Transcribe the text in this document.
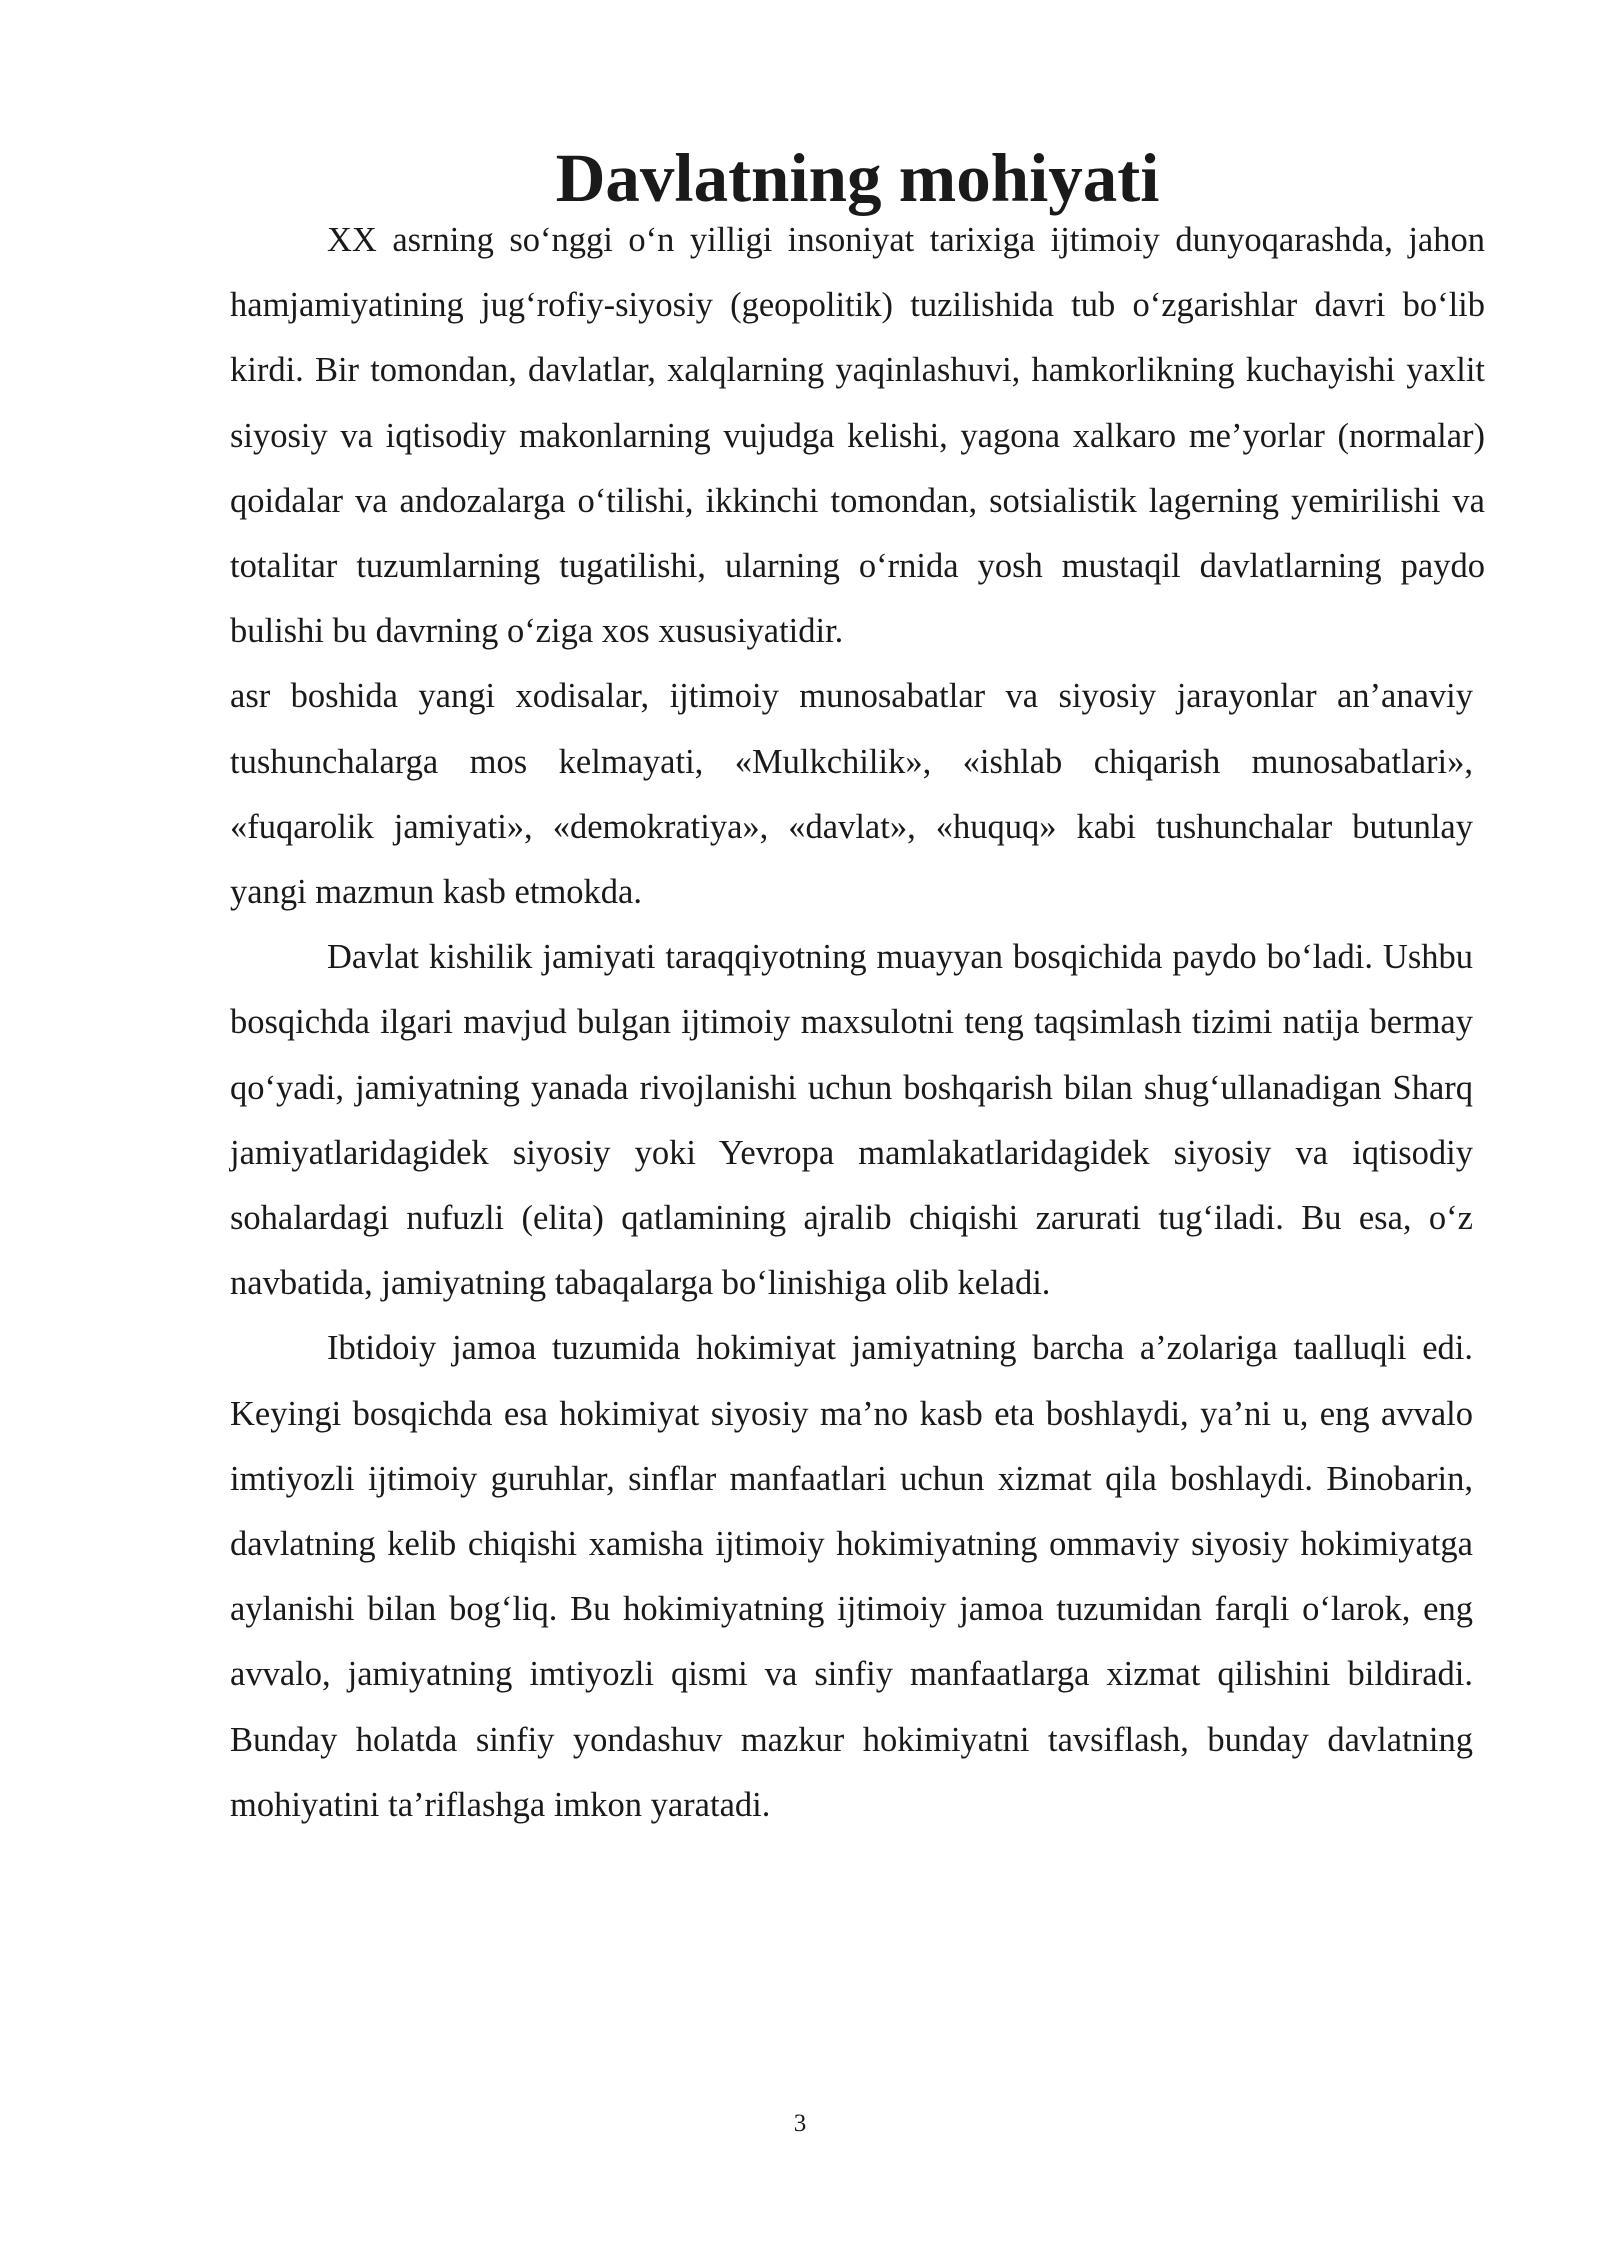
Davlatning mohiyati

XX asrning so‘nggi o‘n yilligi insoniyat tarixiga ijtimoiy dunyoqarashda, jahon hamjamiyatining jug‘rofiy-siyosiy (geopolitik) tuzilishida tub o‘zgarishlar davri bo‘lib kirdi. Bir tomondan, davlatlar, xalqlarning yaqinlashuvi, hamkorlikning kuchayishi yaxlit siyosiy va iqtisodiy makonlarning vujudga kelishi, yagona xalkaro me’yorlar (normalar) qoidalar va andozalarga o‘tilishi, ikkinchi tomondan, sotsialistik lagerning yemirilishi va totalitar tuzumlarning tugatilishi, ularning o‘rnida yosh mustaqil davlatlarning paydo bulishi bu davrning o‘ziga xos xususiyatidir.

asr boshida yangi xodisalar, ijtimoiy munosabatlar va siyosiy jarayonlar an’anaviy tushunchalarga mos kelmayati, «Mulkchilik», «ishlab chiqarish munosabatlari», «fuqarolik jamiyati», «demokratiya», «davlat», «huquq» kabi tushunchalar butunlay yangi mazmun kasb etmokda.

Davlat kishilik jamiyati taraqqiyotning muayyan bosqichida paydo bo‘ladi. Ushbu bosqichda ilgari mavjud bulgan ijtimoiy maxsulotni teng taqsimlash tizimi natija bermay qo‘yadi, jamiyatning yanada rivojlanishi uchun boshqarish bilan shug‘ullanadigan Sharq jamiyatlaridagidek siyosiy yoki Yevropa mamlakatlaridagidek siyosiy va iqtisodiy sohalardagi nufuzli (elita) qatlamining ajralib chiqishi zarurati tug‘iladi. Bu esa, o‘z navbatida, jamiyatning tabaqalarga bo‘linishiga olib keladi.

Ibtidoiy jamoa tuzumida hokimiyat jamiyatning barcha a’zolariga taalluqli edi. Keyingi bosqichda esa hokimiyat siyosiy ma’no kasb eta boshlaydi, ya’ni u, eng avvalo imtiyozli ijtimoiy guruhlar, sinflar manfaatlari uchun xizmat qila boshlaydi. Binobarin, davlatning kelib chiqishi xamisha ijtimoiy hokimiyatning ommaviy siyosiy hokimiyatga aylanishi bilan bog‘liq. Bu hokimiyatning ijtimoiy jamoa tuzumidan farqli o‘larok, eng avvalo, jamiyatning imtiyozli qismi va sinfiy manfaatlarga xizmat qilishini bildiradi. Bunday holatda sinfiy yondashuv mazkur hokimiyatni tavsiflash, bunday davlatning mohiyatini ta’riflashga imkon yaratadi.

3
